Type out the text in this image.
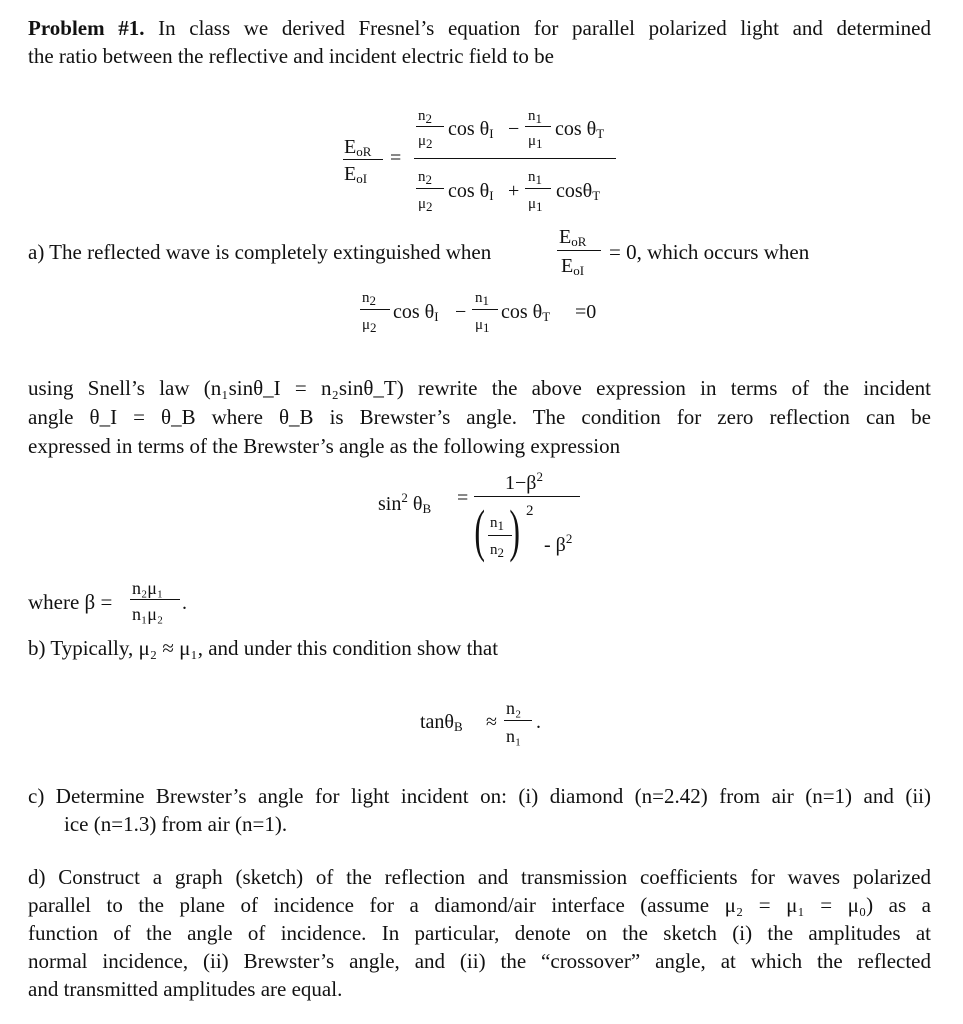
Problem #1. In class we derived Fresnel’s equation for parallel polarized light and determined
the ratio between the reflective and incident electric field to be
$E_{oR}$
$E_{oI}$
=
$n_2$
$\mu_2$
$\cos \theta_I$ −
$n_1$
$\mu_1$
$\cos \theta_T$
$n_2$
$\mu_2$
$\cos \theta_I$ +
$n_1$
$\mu_1$
cosθ$_T$
a) The reflected wave is completely extinguished when
$E_{oR}$
$E_{oI}$
= 0, which occurs when
$n_2$
$\mu_2$
$\cos \theta_I$ −
$n_1$
$\mu_1$
$\cos \theta_T =0$
using Snell’s law (n₁sinθ_I = n₂sinθ_T) rewrite the above expression in terms of the incident
angle θ_I = θ_B where θ_B is Brewster’s angle. The condition for zero reflection can be
expressed in terms of the Brewster’s angle as the following expression
$\sin^2 \theta_B$ =
$1-\beta^2$
( $n_1$
$n_2$ ) 2
- $\beta^2$
where β =
n₂μ₁
n₁μ₂ .
b) Typically, μ₂ ≈ μ₁, and under this condition show that
tanθ$_B$ ≈
n₂
n₁
.
c) Determine Brewster’s angle for light incident on: (i) diamond (n=2.42) from air (n=1) and (ii)
ice (n=1.3) from air (n=1).
d) Construct a graph (sketch) of the reflection and transmission coefficients for waves polarized
parallel to the plane of incidence for a diamond/air interface (assume μ₂ = μ₁ = μ₀) as a
function of the angle of incidence. In particular, denote on the sketch (i) the amplitudes at
normal incidence, (ii) Brewster’s angle, and (ii) the “crossover” angle, at which the reflected
and transmitted amplitudes are equal.
